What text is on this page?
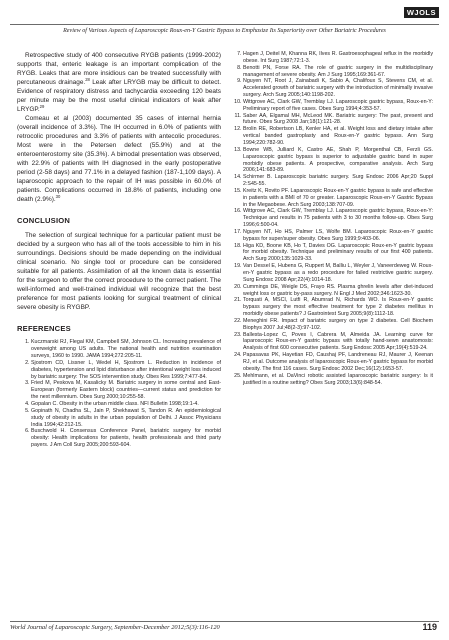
WJOLS
Review of Various Aspects of Laparoscopic Roux-en-Y Gastric Bypass to Emphasize Its Superiority over Other Bariatric Procedures

Retrospective study of 400 consecutive RYGB patients (1999-2002) supports that, enteric leakage is an important complication of the RYGB. Leaks that are more insidious can be treated successfully with percutaneous drainage.$^{28}$ Leak after LRYGB may be difficult to detect. Evidence of respiratory distress and tachycardia exceeding 120 beats per minute may be the most useful clinical indicators of leak after LRYGP.$^{29}$

Comeau et al (2003) documented 35 cases of internal hernia (overall incidence of 3.3%). The IH occurred in 6.0% of patients with retrocolic procedures and 3.3% of patients with antecolic procedures. Most were in the Petersen defect (55.9%) and at the enteroenterostomy site (35.3%). A bimodal presentation was observed, with 22.9% of patients with IH diagnosed in the early postoperative period (2-58 days) and 77.1% in a delayed fashion (187-1,109 days). A laparoscopic approach to the repair of IH was possible in 60.0% of patients. Complications occurred in 18.8% of patients, including one death (2.9%).$^{30}$

CONCLUSION

The selection of surgical technique for a particular patient must be decided by a surgeon who has all of the tools accessible to him in his surroundings. Decisions should be made depending on the individual clinical scenario. No single tool or procedure can be considered suitable for all patients. Assimilation of all the known data is essential for the surgeon to offer the correct procedure to the correct patient. The well-informed and well-trained individual will recognize that the best preference for most patients looking for surgical treatment of clinical severe obesity is RYGBP.

REFERENCES
1. Kuczmarski RJ, Flegal KM, Campbell SM, Johnson CL. Increasing prevalence of overweight among US adults. The national health and nutrition examination surveys, 1960 to 1990. JAMA 1994;272:205-11.
2. Sjostrom CD, Lissner L, Wedel H, Sjostrom L. Reduction in incidence of diabetes, hypertension and lipid disturbance after intentional weight loss induced by bariatric surgery: The SOS intervention study. Obes Res 1999;7:477-84.
3. Fried M, Peskova M, Kasalicky M. Bariatric surgery in some central and East-European (formerly Eastern block) countries—current status and prediction for the next millennium. Obes Surg 2000;10:255-58.
4. Gopalan C. Obesity in the urban middle class. NFI Bulletin 1998;19:1-4.
5. Gopinath N, Chadha SL, Jain P, Shekhawat S, Tandon R. An epidemiological study of obesity in adults in the urban population of Delhi. J Assoc Physicians India 1994;42:212-15.
6. Buschwold H. Consensus Conference Panel, bariatric surgery for morbid obesity: Health implications for patients, health professionals and third party payers. J Am Coll Surg 2005;200:593-604.
7. Hagen J, Deitel M, Khanna RK, Ilves R. Gastroesophageal reflux in the morbidly obese. Int Surg 1987;72:1-3.
8. Benotti PN, Forse RA. The role of gastric surgery in the multidisciplinary management of severe obesity. Am J Surg 1995;169:361-67.
9. Nguyen NT, Root J, Zainabadi K, Sabio A, Chalifoux S, Stevens CM, et al. Accelerated growth of bariatric surgery with the introduction of minimally invasive surgery. Arch Surg 2005;140:1198-202.
10. Wittgrove AC, Clark GW, Tremblay LJ. Laparoscopic gastric bypass, Roux-en-Y: Preliminary report of five cases. Obes Surg 1994;4:353-57.
11. Saber AA, Elgamal MH, McLeod MK. Bariatric surgery: The past, present and future. Obes Surg 2008 Jan;18(1):121-28.
12. Brolin RE, Robertson LB, Kenler HA, et al. Weight loss and dietary intake after vertical banded gastroplasty and Roux-en-Y gastric bypass. Ann Surg 1994;220:782-90.
13. Bowne WB, Julliard K, Castro AE, Shah P, Morgenthal CB, Ferzli GS. Laparoscopic gastric bypass is superior to adjustable gastric band in super morbidly obese patients. A prospective, comparative analysis. Arch Surg 2006;141:683-89.
14. Schirmer B. Laparoscopic bariatric surgery. Surg Endosc 2006 Apr;20 Suppl 2:S45-55.
15. Kreitz K, Rovito PF. Laparoscopic Roux-en-Y gastric bypass is safe and effective in patients with a BMI of 70 or greater. Laparoscopic Roux-en-Y Gastric Bypass in the Megaobese. Arch Surg 2003;138:707-09.
16. Wittgrove AC, Clark GW, Tremblay LJ. Laparoscopic gastric bypass, Roux-en-Y: Technique and results in 75 patients with 3 to 30 months follow-up. Obes Surg 1996;6:500-04.
17. Nguyen NT, Ho HS, Palmer LS, Wolfe BM. Laparoscopic Roux-en-Y gastric bypass for super/super obesity. Obes Surg 1999;9:403-06.
18. Higa KD, Boone KB, Ho T, Davies OG. Laparoscopic Roux-en-Y gastric bypass for morbid obesity. Technique and preliminary results of our first 400 patients. Arch Surg 2000;135:1029-33.
19. Van Dessel E, Hubens G, Ruppert M, Balliu L, Weyler J, Vaneerdeweg W. Roux-en-Y gastric bypass as a redo procedure for failed restrictive gastric surgery. Surg Endosc 2008 Apr;22(4):1014-18.
20. Cummings DE, Weigle DS, Frayo RS. Plasma ghrelin levels after diet-induced weight loss or gastric by-pass surgery. N Engl J Med 2002;346:1623-30.
21. Torquati A, MSCI, Lutfi R, Abumrad N, Richards WO. Is Roux-en-Y gastric bypass surgery the most effective treatment for type 2 diabetes mellitus in morbidly obese patients? J Gastrointest Surg 2005;9(8):1112-18.
22. Meneghini FR. Impact of bariatric surgery on type 2 diabetes. Cell Biochem Biophys 2007 Jul;48(2-3):97-102.
23. Ballesta-Lopez C, Poves I, Cabrera M, Almeida JA. Learning curve for laparoscopic Roux-en-Y gastric bypass with totally hand-sewn anastomosis: Analysis of first 600 consecutive patients. Surg Endosc 2005 Apr;19(4):519-24.
24. Papasavas PK, Hayetian FD, Caushaj PF, Landreneau RJ, Maurer J, Keenan RJ, et al. Outcome analysis of laparoscopic Roux-en-Y gastric bypass for morbid obesity. The first 116 cases. Surg Endosc 2002 Dec;16(12):1653-57.
25. Mehlmann, et al. DaVinci robotic assisted laparoscopic bariatric surgery: Is it justified in a routine setting? Obes Surg 2003;13(6):848-54.
World Journal of Laparoscopic Surgery, September-December 2012;5(3):116-120	119
